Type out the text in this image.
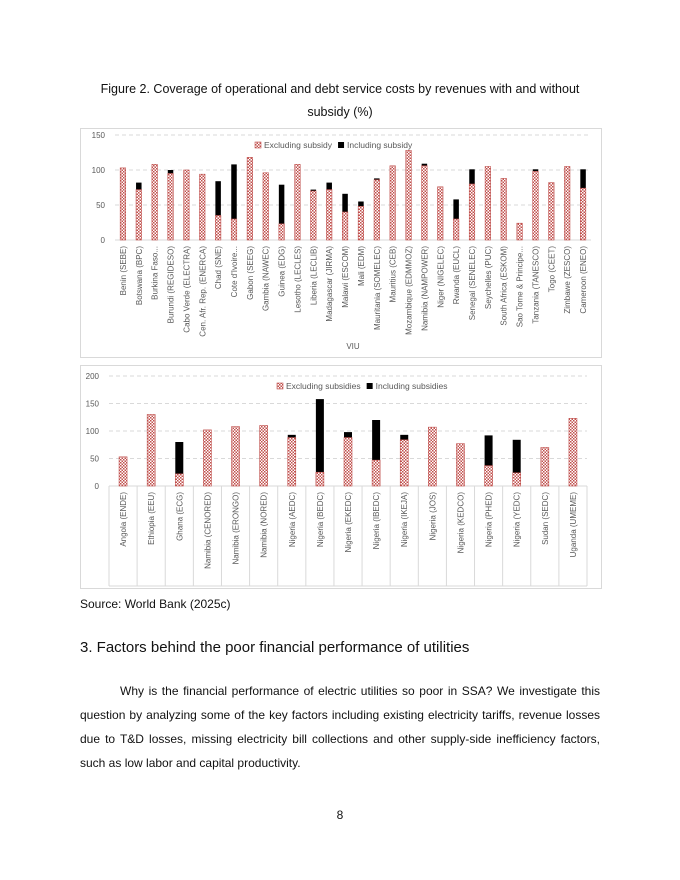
Figure 2. Coverage of operational and debt service costs by revenues with and without subsidy (%)
0
50
100
150
Benin (SEBE) Botswana (BPC) Burkina Faso... Burundi (REGIDESO) Cabo Verde (ELECTRA) Cen. Afr. Rep. (ENERCA) Chad (SNE) Cote d'Ivoire... Gabon (SEEG) Gambia (NAWEC) Guinea (EDG) Lesotho (LECLES) Liberia (LECLIB) Madagascar (JIRMA) Malawi (ESCOM) Mali (EDM) Mauritania (SOMELEC) Mauritius (CEB) Mozambique (EDMMOZ) Namibia (NAMPOWER) Niger (NIGELEC) Rwanda (EUCL) Senegal (SENELEC) Seychelles (PUC) South Africa (ESKOM) Sao Tome & Principe... Tanzania (TANESCO) Togo (CEET) Zimbawe (ZESCO) Cameroon (ENEO)
Excluding subsidy Including subsidy
VIU
0
50
100
150
200
Angola (ENDE) Ethiopia (EEU) Ghana (ECG) Namibia (CENORED) Namibia (ERONGO) Namibia (NORED) Nigeria (AEDC) Nigeria (BEDC) Nigeria (EKEDC) Nigeria (IBEDC) Nigeria (IKEJA) Nigeria (JOS) Nigeria (KEDCO) Nigeria (PHED) Nigeria (YEDC) Sudan (SEDC) Uganda (UMEME)
Excluding subsidies Including subsidies
Source: World Bank (2025c)
3. Factors behind the poor financial performance of utilities

Why is the financial performance of electric utilities so poor in SSA? We investigate this question by analyzing some of the key factors including existing electricity tariffs, revenue losses due to T&D losses, missing electricity bill collections and other supply-side inefficiency factors, such as low labor and capital productivity.

8
